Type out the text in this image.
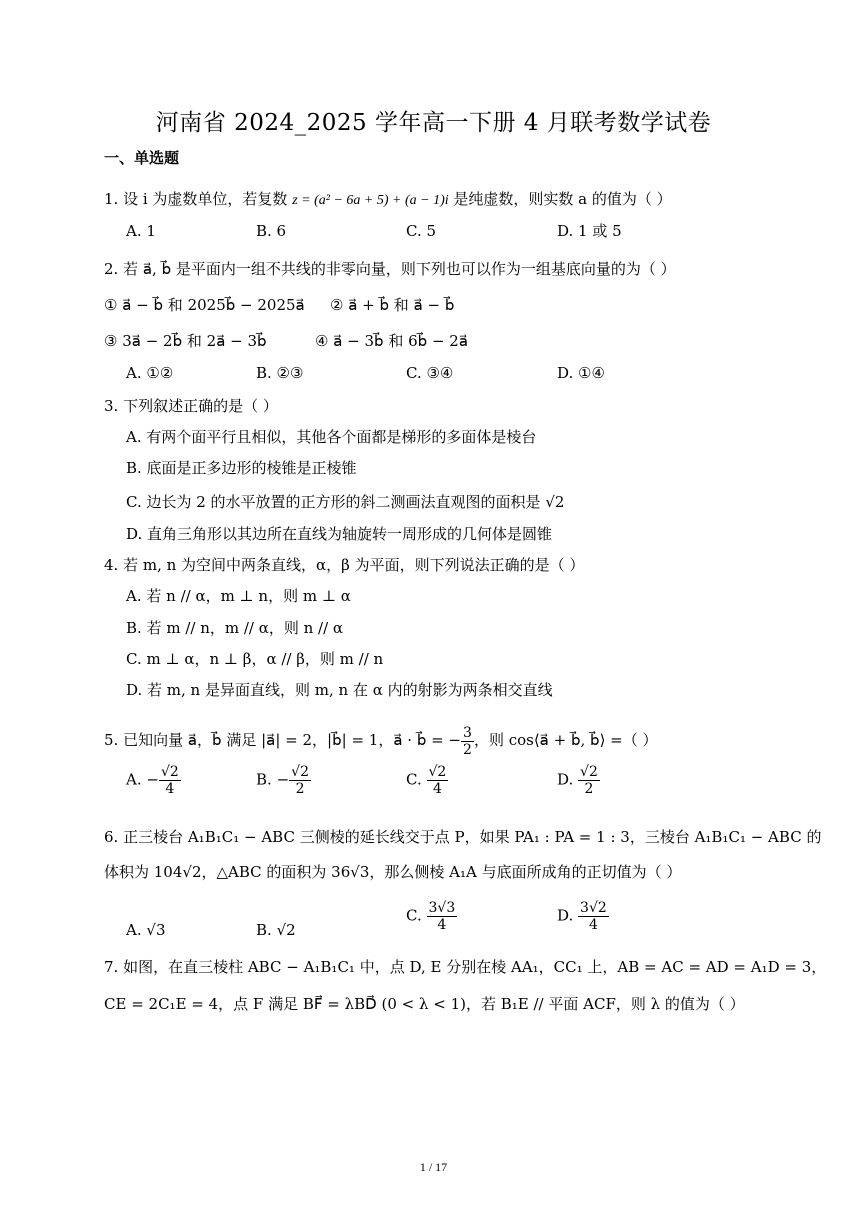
河南省 2024_2025 学年高一下册 4 月联考数学试卷
一、单选题
1. 设 i 为虚数单位，若复数 z = (a² − 6a + 5) + (a − 1)i 是纯虚数，则实数 a 的值为（ ）
A. 1	B. 6	C. 5	D. 1 或 5
2. 若 a⃗, b⃗ 是平面内一组不共线的非零向量，则下列也可以作为一组基底向量的为（ ）
① a⃗ − b⃗ 和 2025b⃗ − 2025a⃗ ② a⃗ + b⃗ 和 a⃗ − b⃗
③ 3a⃗ − 2b⃗ 和 2a⃗ − 3b⃗	④ a⃗ − 3b⃗ 和 6b⃗ − 2a⃗
A. ①②	B. ②③	C. ③④	D. ①④
3. 下列叙述正确的是（ ）
A. 有两个面平行且相似，其他各个面都是梯形的多面体是棱台
B. 底面是正多边形的棱锥是正棱锥
C. 边长为 2 的水平放置的正方形的斜二测画法直观图的面积是 √2
D. 直角三角形以其边所在直线为轴旋转一周形成的几何体是圆锥
4. 若 m, n 为空间中两条直线，α，β 为平面，则下列说法正确的是（ ）
A. 若 n // α，m ⊥ n，则 m ⊥ α
B. 若 m // n，m // α，则 n // α
C. m ⊥ α，n ⊥ β，α // β，则 m // n
D. 若 m, n 是异面直线，则 m, n 在 α 内的射影为两条相交直线
5. 已知向量 a⃗，b⃗ 满足 |a⃗| = 2，|b⃗| = 1，a⃗ · b⃗ = − $\frac{3}{2}$ ，则 cos⟨a⃗ + b⃗, b⃗⟩ =（ ）
A. − $\frac{√2}{4}$	B. − $\frac{√2}{2}$	C. $\frac{√2}{4}$	D. $\frac{√2}{2}$
6. 正三棱台 A₁B₁C₁ − ABC 三侧棱的延长线交于点 P，如果 PA₁ : PA = 1 : 3，三棱台 A₁B₁C₁ − ABC 的
体积为 104√2，△ABC 的面积为 36√3，那么侧棱 A₁A 与底面所成角的正切值为（ ）
A. √3	B. √2
C. $\frac{3√3}{4}$	D. $\frac{3√2}{4}$
7. 如图，在直三棱柱 ABC − A₁B₁C₁ 中，点 D, E 分别在棱 AA₁，CC₁ 上，AB = AC = AD = A₁D = 3，
CE = 2C₁E = 4，点 F 满足 BF⃗ = λBD⃗ (0 < λ < 1)，若 B₁E // 平面 ACF，则 λ 的值为（ ）
1 / 17
